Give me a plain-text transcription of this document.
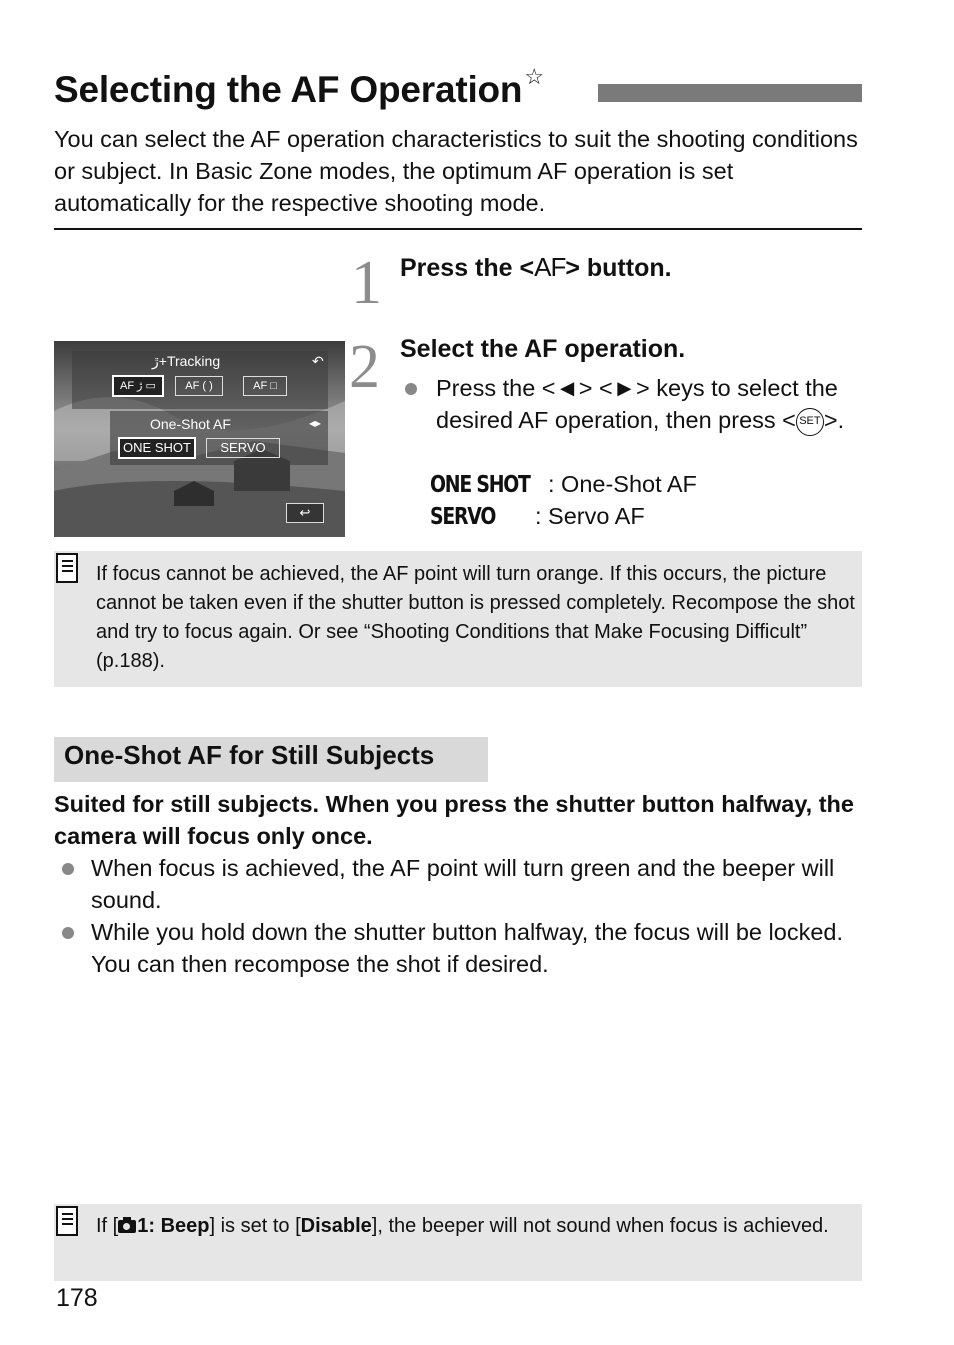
Selecting the AF Operation☆

You can select the AF operation characteristics to suit the shooting conditions or subject. In Basic Zone modes, the optimum AF operation is set automatically for the respective shooting mode.

1 Press the <AF> button.
ڙ+Tracking	↶
AF ڙ ▭	AF ( )	AF □
One-Shot AF	◂▸
ONE SHOT	SERVO
↩
2 Select the AF operation.
Press the <◄> <►> keys to select the desired AF operation, then press < SET >.
ONE SHOT : One-Shot AF
SERVO : Servo AF

If focus cannot be achieved, the AF point will turn orange. If this occurs, the picture cannot be taken even if the shutter button is pressed completely. Recompose the shot and try to focus again. Or see “Shooting Conditions that Make Focusing Difficult” (p.188).

One-Shot AF for Still Subjects

Suited for still subjects. When you press the shutter button halfway, the camera will focus only once.

When focus is achieved, the AF point will turn green and the beeper will sound.

While you hold down the shutter button halfway, the focus will be locked. You can then recompose the shot if desired.

If [ 1: Beep] is set to [Disable], the beeper will not sound when focus is achieved.

178
